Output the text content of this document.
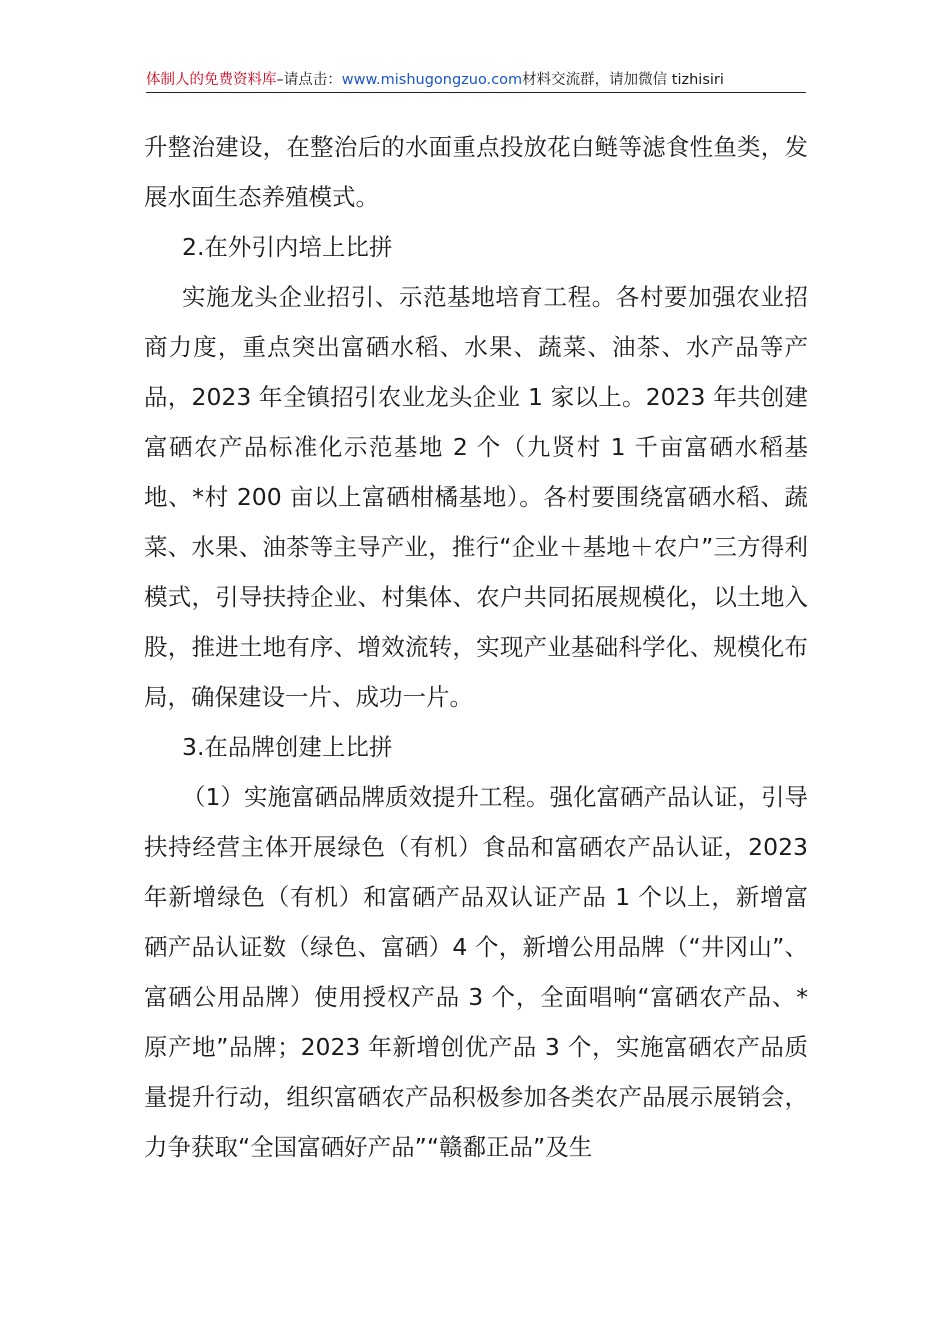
体制人的免费资料库–请点击：www.mishugongzuo.com材料交流群，请加微信 tizhisiri

升整治建设，在整治后的水面重点投放花白鲢等滤食性鱼类，发展水面生态养殖模式。

2.在外引内培上比拼

实施龙头企业招引、示范基地培育工程。各村要加强农业招商力度，重点突出富硒水稻、水果、蔬菜、油茶、水产品等产品，2023 年全镇招引农业龙头企业 1 家以上。2023 年共创建富硒农产品标准化示范基地 2 个（九贤村 1 千亩富硒水稻基地、*村 200 亩以上富硒柑橘基地）。各村要围绕富硒水稻、蔬菜、水果、油茶等主导产业，推行“企业＋基地＋农户”三方得利模式，引导扶持企业、村集体、农户共同拓展规模化，以土地入股，推进土地有序、增效流转，实现产业基础科学化、规模化布局，确保建设一片、成功一片。

3.在品牌创建上比拼

（1）实施富硒品牌质效提升工程。强化富硒产品认证，引导扶持经营主体开展绿色（有机）食品和富硒农产品认证，2023 年新增绿色（有机）和富硒产品双认证产品 1 个以上，新增富硒产品认证数（绿色、富硒）4 个，新增公用品牌（“井冈山”、富硒公用品牌）使用授权产品 3 个，全面唱响“富硒农产品、*原产地”品牌；2023 年新增创优产品 3 个，实施富硒农产品质量提升行动，组织富硒农产品积极参加各类农产品展示展销会，力争获取“全国富硒好产品”“赣鄱正品”及生
